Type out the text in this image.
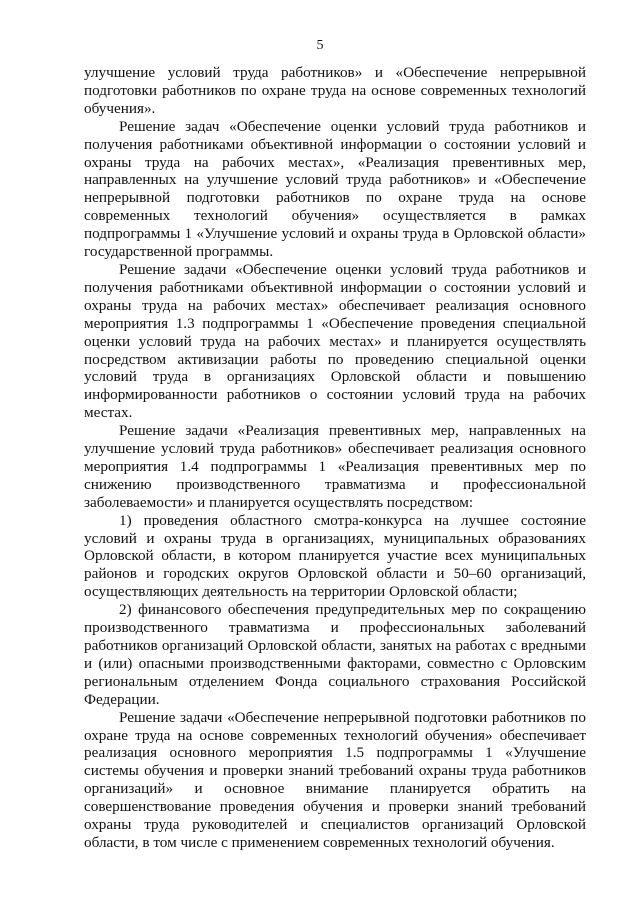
5

улучшение условий труда работников» и «Обеспечение непрерывной подготовки работников по охране труда на основе современных технологий обучения».

Решение задач «Обеспечение оценки условий труда работников и получения работниками объективной информации о состоянии условий и охраны труда на рабочих местах», «Реализация превентивных мер, направленных на улучшение условий труда работников» и «Обеспечение непрерывной подготовки работников по охране труда на основе современных технологий обучения» осуществляется в рамках подпрограммы 1 «Улучшение условий и охраны труда в Орловской области» государственной программы.

Решение задачи «Обеспечение оценки условий труда работников и получения работниками объективной информации о состоянии условий и охраны труда на рабочих местах» обеспечивает реализация основного мероприятия 1.3 подпрограммы 1 «Обеспечение проведения специальной оценки условий труда на рабочих местах» и планируется осуществлять посредством активизации работы по проведению специальной оценки условий труда в организациях Орловской области и повышению информированности работников о состоянии условий труда на рабочих местах.

Решение задачи «Реализация превентивных мер, направленных на улучшение условий труда работников» обеспечивает реализация основного мероприятия 1.4 подпрограммы 1 «Реализация превентивных мер по снижению производственного травматизма и профессиональной заболеваемости» и планируется осуществлять посредством:

1) проведения областного смотра-конкурса на лучшее состояние условий и охраны труда в организациях, муниципальных образованиях Орловской области, в котором планируется участие всех муниципальных районов и городских округов Орловской области и 50–60 организаций, осуществляющих деятельность на территории Орловской области;

2) финансового обеспечения предупредительных мер по сокращению производственного травматизма и профессиональных заболеваний работников организаций Орловской области, занятых на работах с вредными и (или) опасными производственными факторами, совместно с Орловским региональным отделением Фонда социального страхования Российской Федерации.

Решение задачи «Обеспечение непрерывной подготовки работников по охране труда на основе современных технологий обучения» обеспечивает реализация основного мероприятия 1.5 подпрограммы 1 «Улучшение системы обучения и проверки знаний требований охраны труда работников организаций» и основное внимание планируется обратить на совершенствование проведения обучения и проверки знаний требований охраны труда руководителей и специалистов организаций Орловской области, в том числе с применением современных технологий обучения.
